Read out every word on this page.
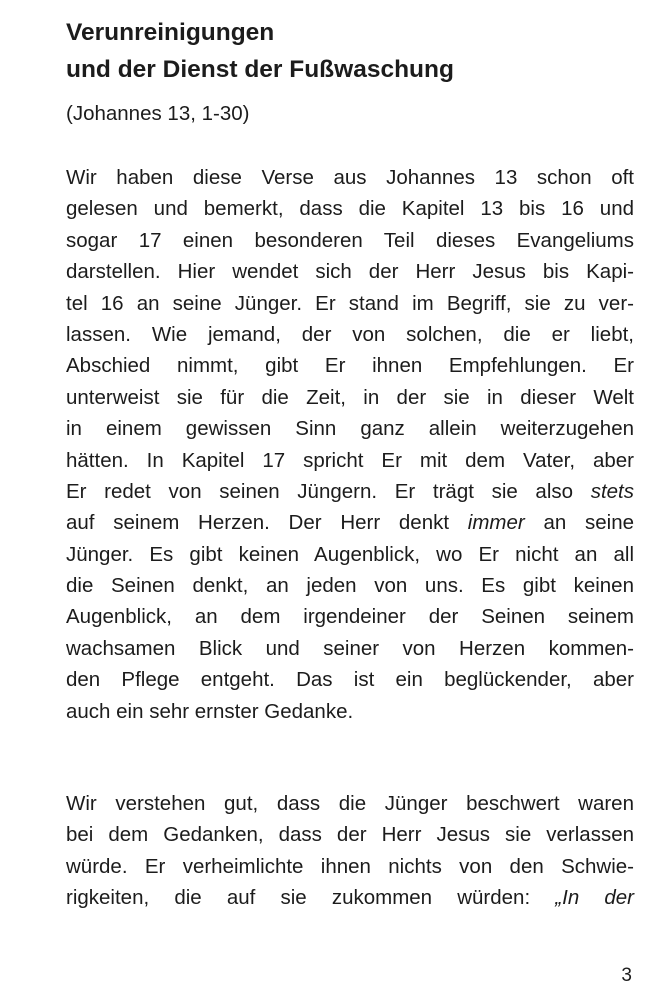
Verunreinigungen
und der Dienst der Fußwaschung

(Johannes 13, 1-30)

Wir haben diese Verse aus Johannes 13 schon oft
gelesen und bemerkt, dass die Kapitel 13 bis 16 und
sogar 17 einen besonderen Teil dieses Evangeliums
darstellen. Hier wendet sich der Herr Jesus bis Kapi-
tel 16 an seine Jünger. Er stand im Begriff, sie zu ver-
lassen. Wie jemand, der von solchen, die er liebt,
Abschied nimmt, gibt Er ihnen Empfehlungen. Er
unterweist sie für die Zeit, in der sie in dieser Welt
in einem gewissen Sinn ganz allein weiterzugehen
hätten. In Kapitel 17 spricht Er mit dem Vater, aber
Er redet von seinen Jüngern. Er trägt sie also stets
auf seinem Herzen. Der Herr denkt immer an seine
Jünger. Es gibt keinen Augenblick, wo Er nicht an all
die Seinen denkt, an jeden von uns. Es gibt keinen
Augenblick, an dem irgendeiner der Seinen seinem
wachsamen Blick und seiner von Herzen kommen-
den Pflege entgeht. Das ist ein beglückender, aber
auch ein sehr ernster Gedanke.
Wir verstehen gut, dass die Jünger beschwert waren
bei dem Gedanken, dass der Herr Jesus sie verlassen
würde. Er verheimlichte ihnen nichts von den Schwie-
rigkeiten, die auf sie zukommen würden: „In der
3
